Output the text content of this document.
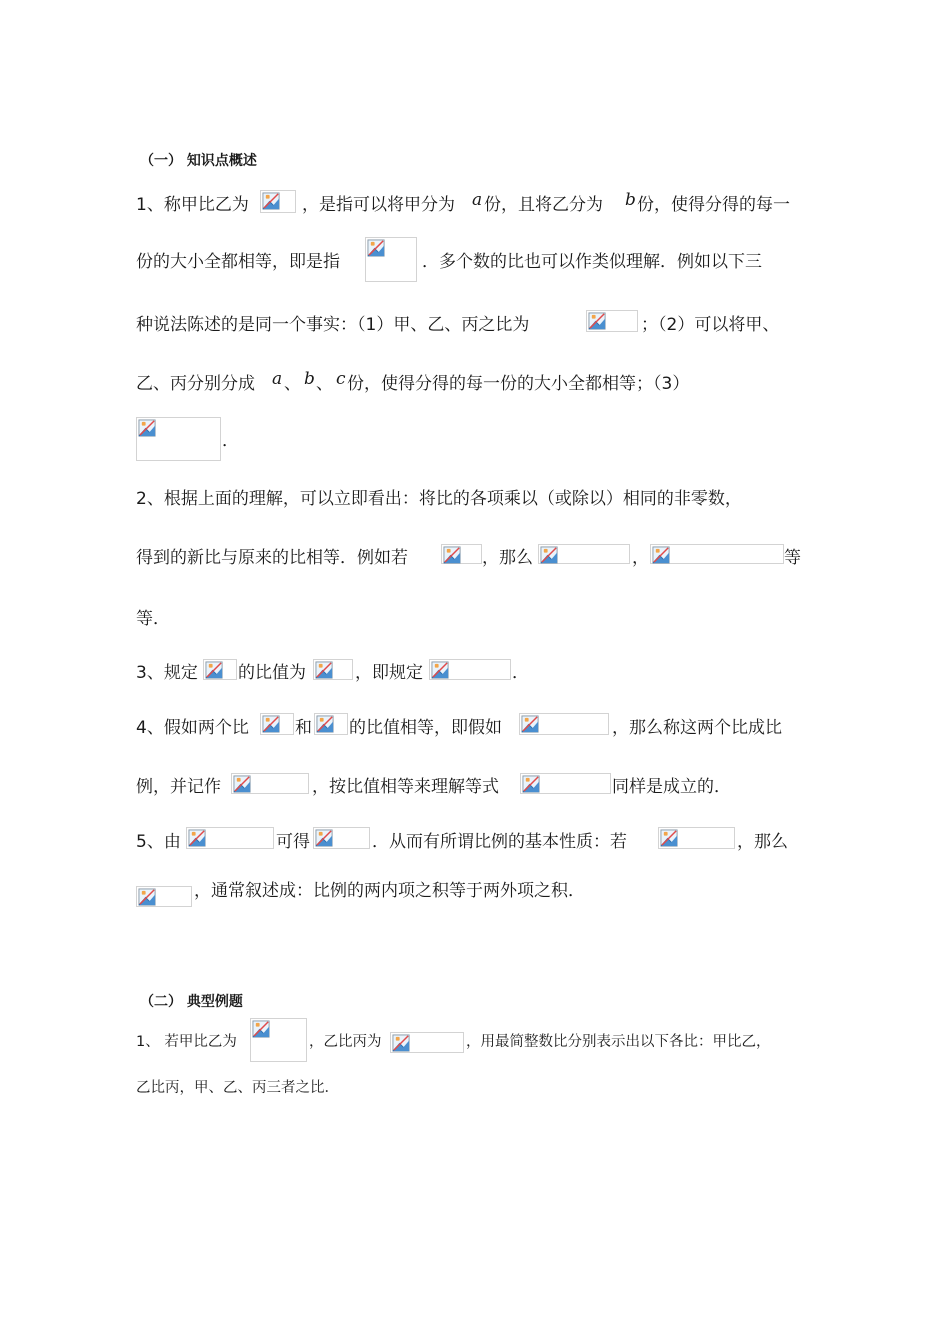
（一） 知识点概述
1、称甲比乙为	，是指可以将甲分为 a 份，且将乙分为 b 份，使得分得的每一
份的大小全都相等，即是指	．多个数的比也可以作类似理解．例如以下三
种说法陈述的是同一个事实：（1）甲、乙、丙之比为	；（2）可以将甲、
乙、丙分别分成 a 、 b 、 c 份，使得分得的每一份的大小全都相等；（3）
．
2、根据上面的理解，可以立即看出：将比的各项乘以（或除以）相同的非零数，
得到的新比与原来的比相等．例如若	，那么	，	等
等．
3、规定 的比值为	，即规定	．
4、假如两个比	和 的比值相等，即假如	，那么称这两个比成比
例，并记作	，按比值相等来理解等式	同样是成立的．
5、由	可得	．从而有所谓比例的基本性质：若	，那么
，通常叙述成：比例的两内项之积等于两外项之积．
（二） 典型例题
1、 若甲比乙为	，乙比丙为	，用最简整数比分别表示出以下各比：甲比乙，
乙比丙，甲、乙、丙三者之比．
